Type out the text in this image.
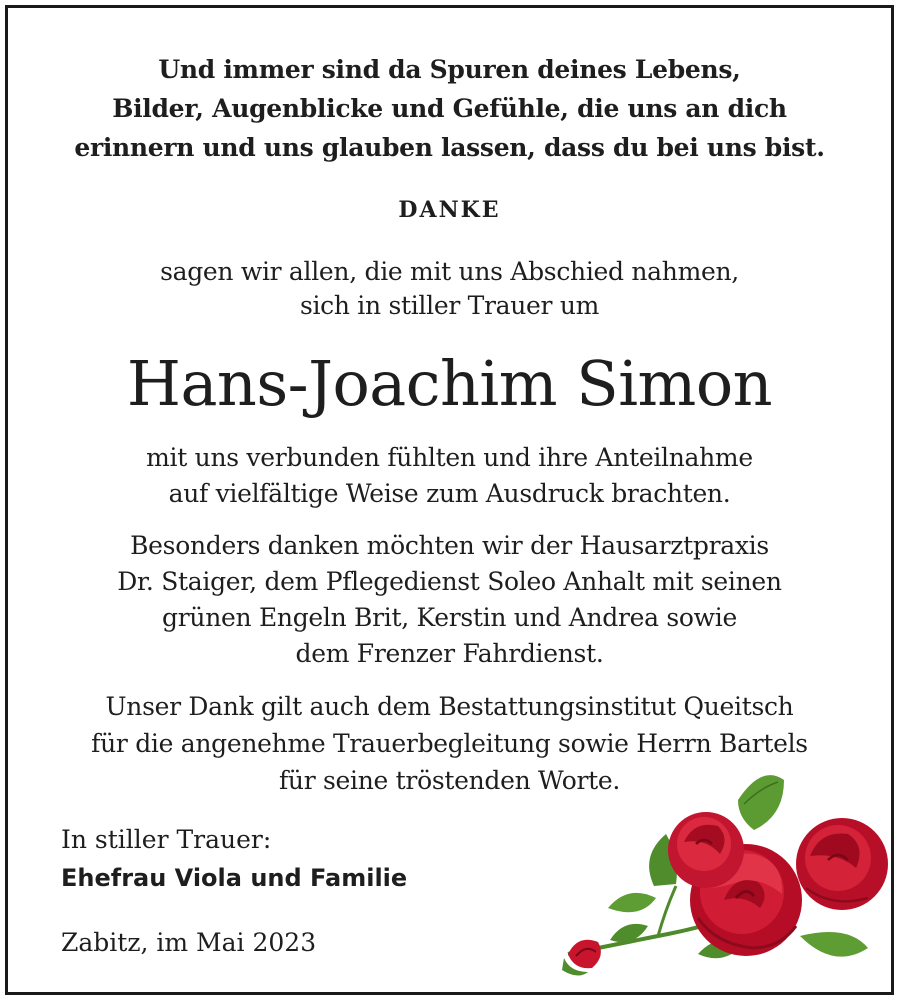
Und immer sind da Spuren deines Lebens,
Bilder, Augenblicke und Gefühle, die uns an dich
erinnern und uns glauben lassen, dass du bei uns bist.
DANKE
sagen wir allen, die mit uns Abschied nahmen,
sich in stiller Trauer um
Hans-Joachim Simon
mit uns verbunden fühlten und ihre Anteilnahme
auf vielfältige Weise zum Ausdruck brachten.
Besonders danken möchten wir der Hausarztpraxis
Dr. Staiger, dem Pflegedienst Soleo Anhalt mit seinen
grünen Engeln Brit, Kerstin und Andrea sowie
dem Frenzer Fahrdienst.
Unser Dank gilt auch dem Bestattungsinstitut Queitsch
für die angenehme Trauerbegleitung sowie Herrn Bartels
für seine tröstenden Worte.
In stiller Trauer:
Ehefrau Viola und Familie
Zabitz, im Mai 2023
